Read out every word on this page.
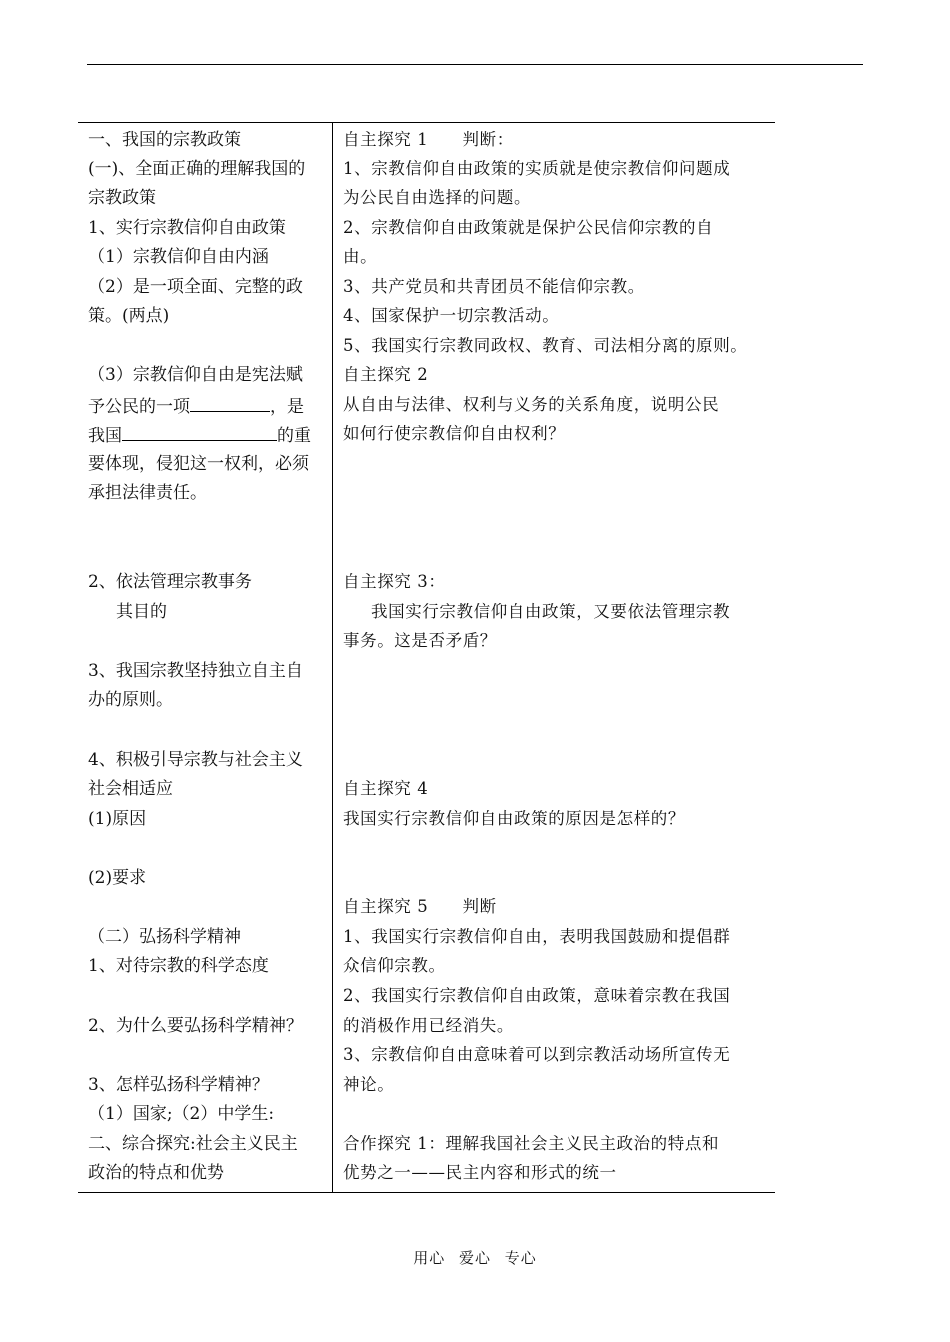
一、我国的宗教政策
(一)、全面正确的理解我国的
宗教政策
1、实行宗教信仰自由政策
（1）宗教信仰自由内涵
（2）是一项全面、完整的政
策。(两点)
（3）宗教信仰自由是宪法赋
予公民的一项	，是
我国	的重
要体现，侵犯这一权利，必须
承担法律责任。
2、依法管理宗教事务
其目的
3、我国宗教坚持独立自主自
办的原则。
4、积极引导宗教与社会主义
社会相适应
(1)原因
(2)要求
（二）弘扬科学精神
1、对待宗教的科学态度
2、为什么要弘扬科学精神？
3、怎样弘扬科学精神？
（1）国家;（2）中学生:
二、综合探究:社会主义民主
政治的特点和优势
自主探究 1　　判断：
1、宗教信仰自由政策的实质就是使宗教信仰问题成
为公民自由选择的问题。
2、宗教信仰自由政策就是保护公民信仰宗教的自
由。
3、共产党员和共青团员不能信仰宗教。
4、国家保护一切宗教活动。
5、我国实行宗教同政权、教育、司法相分离的原则。
自主探究 2
从自由与法律、权利与义务的关系角度，说明公民
如何行使宗教信仰自由权利？
自主探究 3：
我国实行宗教信仰自由政策，又要依法管理宗教
事务。这是否矛盾？
自主探究 4
我国实行宗教信仰自由政策的原因是怎样的？
自主探究 5　　判断
1、我国实行宗教信仰自由，表明我国鼓励和提倡群
众信仰宗教。
2、我国实行宗教信仰自由政策，意味着宗教在我国
的消极作用已经消失。
3、宗教信仰自由意味着可以到宗教活动场所宣传无
神论。
合作探究 1：理解我国社会主义民主政治的特点和
优势之一——民主内容和形式的统一
用心 爱心 专心
